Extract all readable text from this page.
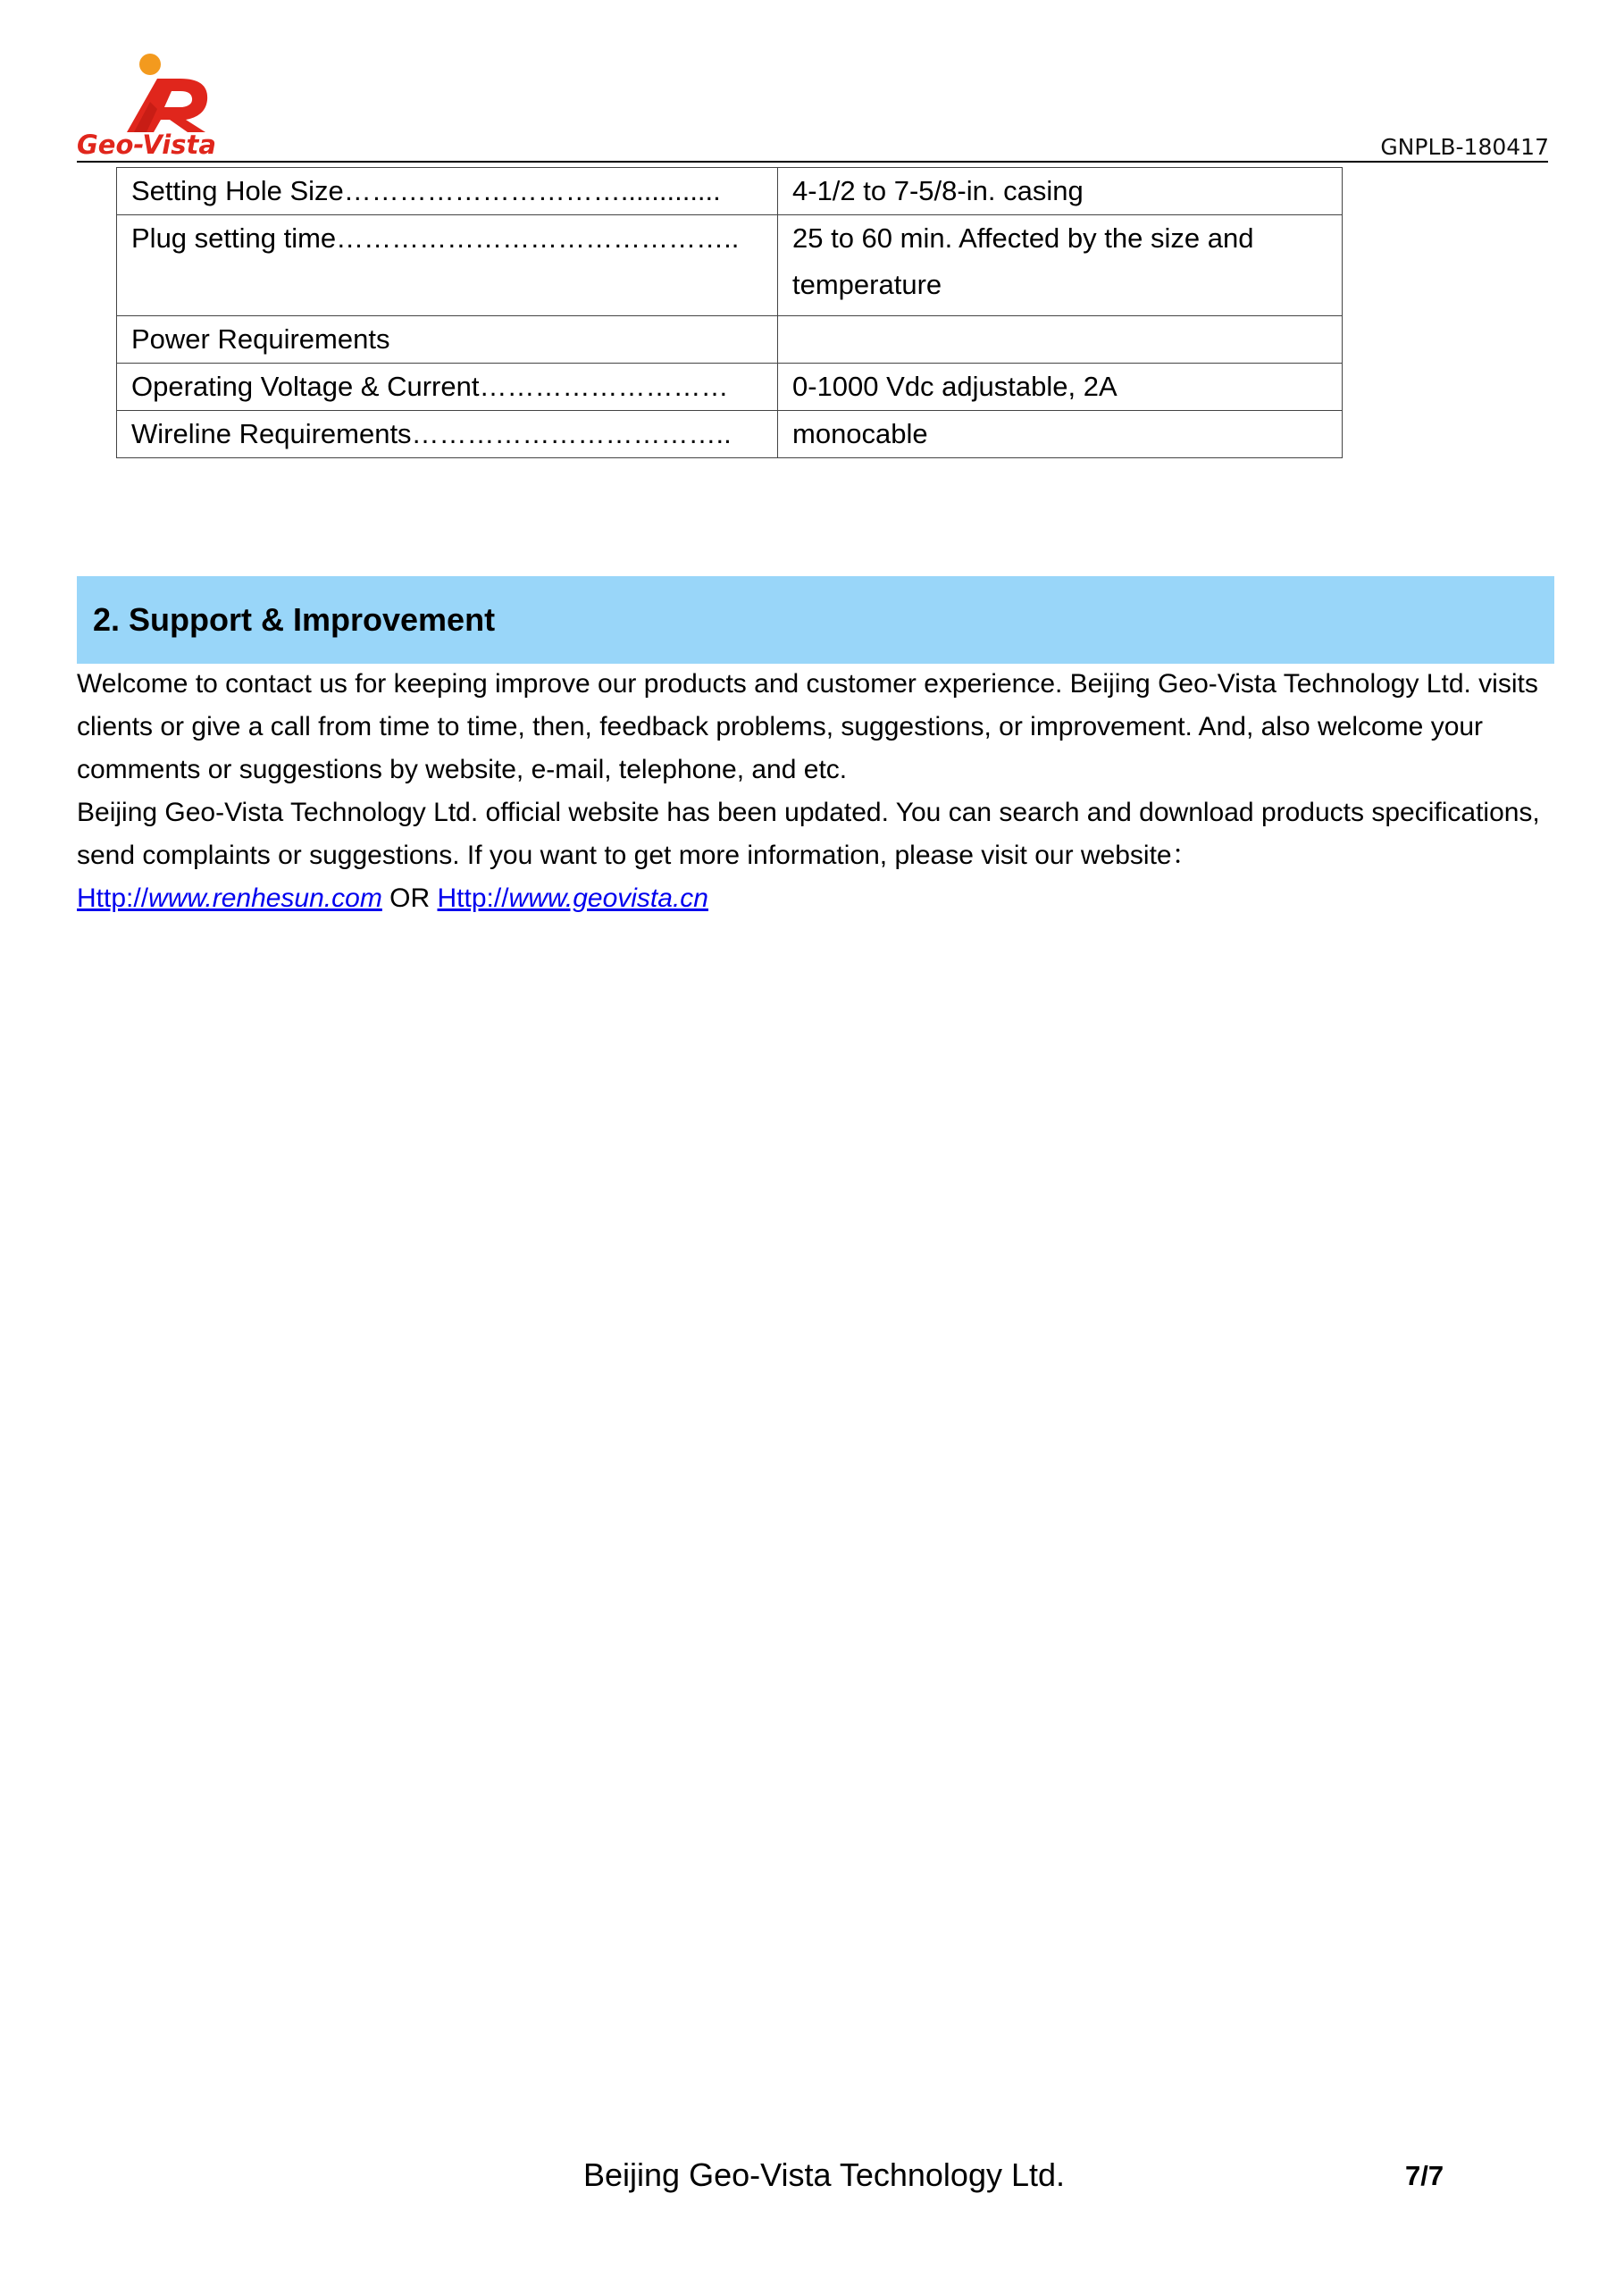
Geo-Vista	GNPLB-180417
Setting Hole Size………………………….............	4-1/2 to 7-5/8-in. casing
Plug setting time……………………………………..	25 to 60 min. Affected by the size and temperature
Power Requirements	
Operating Voltage & Current………………………	0-1000 Vdc adjustable, 2A
Wireline Requirements……………………………..	monocable
2. Support & Improvement

Welcome to contact us for keeping improve our products and customer experience. Beijing Geo-Vista Technology Ltd. visits clients or give a call from time to time, then, feedback problems, suggestions, or improvement. And, also welcome your comments or suggestions by website, e-mail, telephone, and etc.

Beijing Geo-Vista Technology Ltd. official website has been updated. You can search and download products specifications, send complaints or suggestions. If you want to get more information, please visit our website：

Http://www.renhesun.com OR Http://www.geovista.cn

Beijing Geo-Vista Technology Ltd.	7/7
